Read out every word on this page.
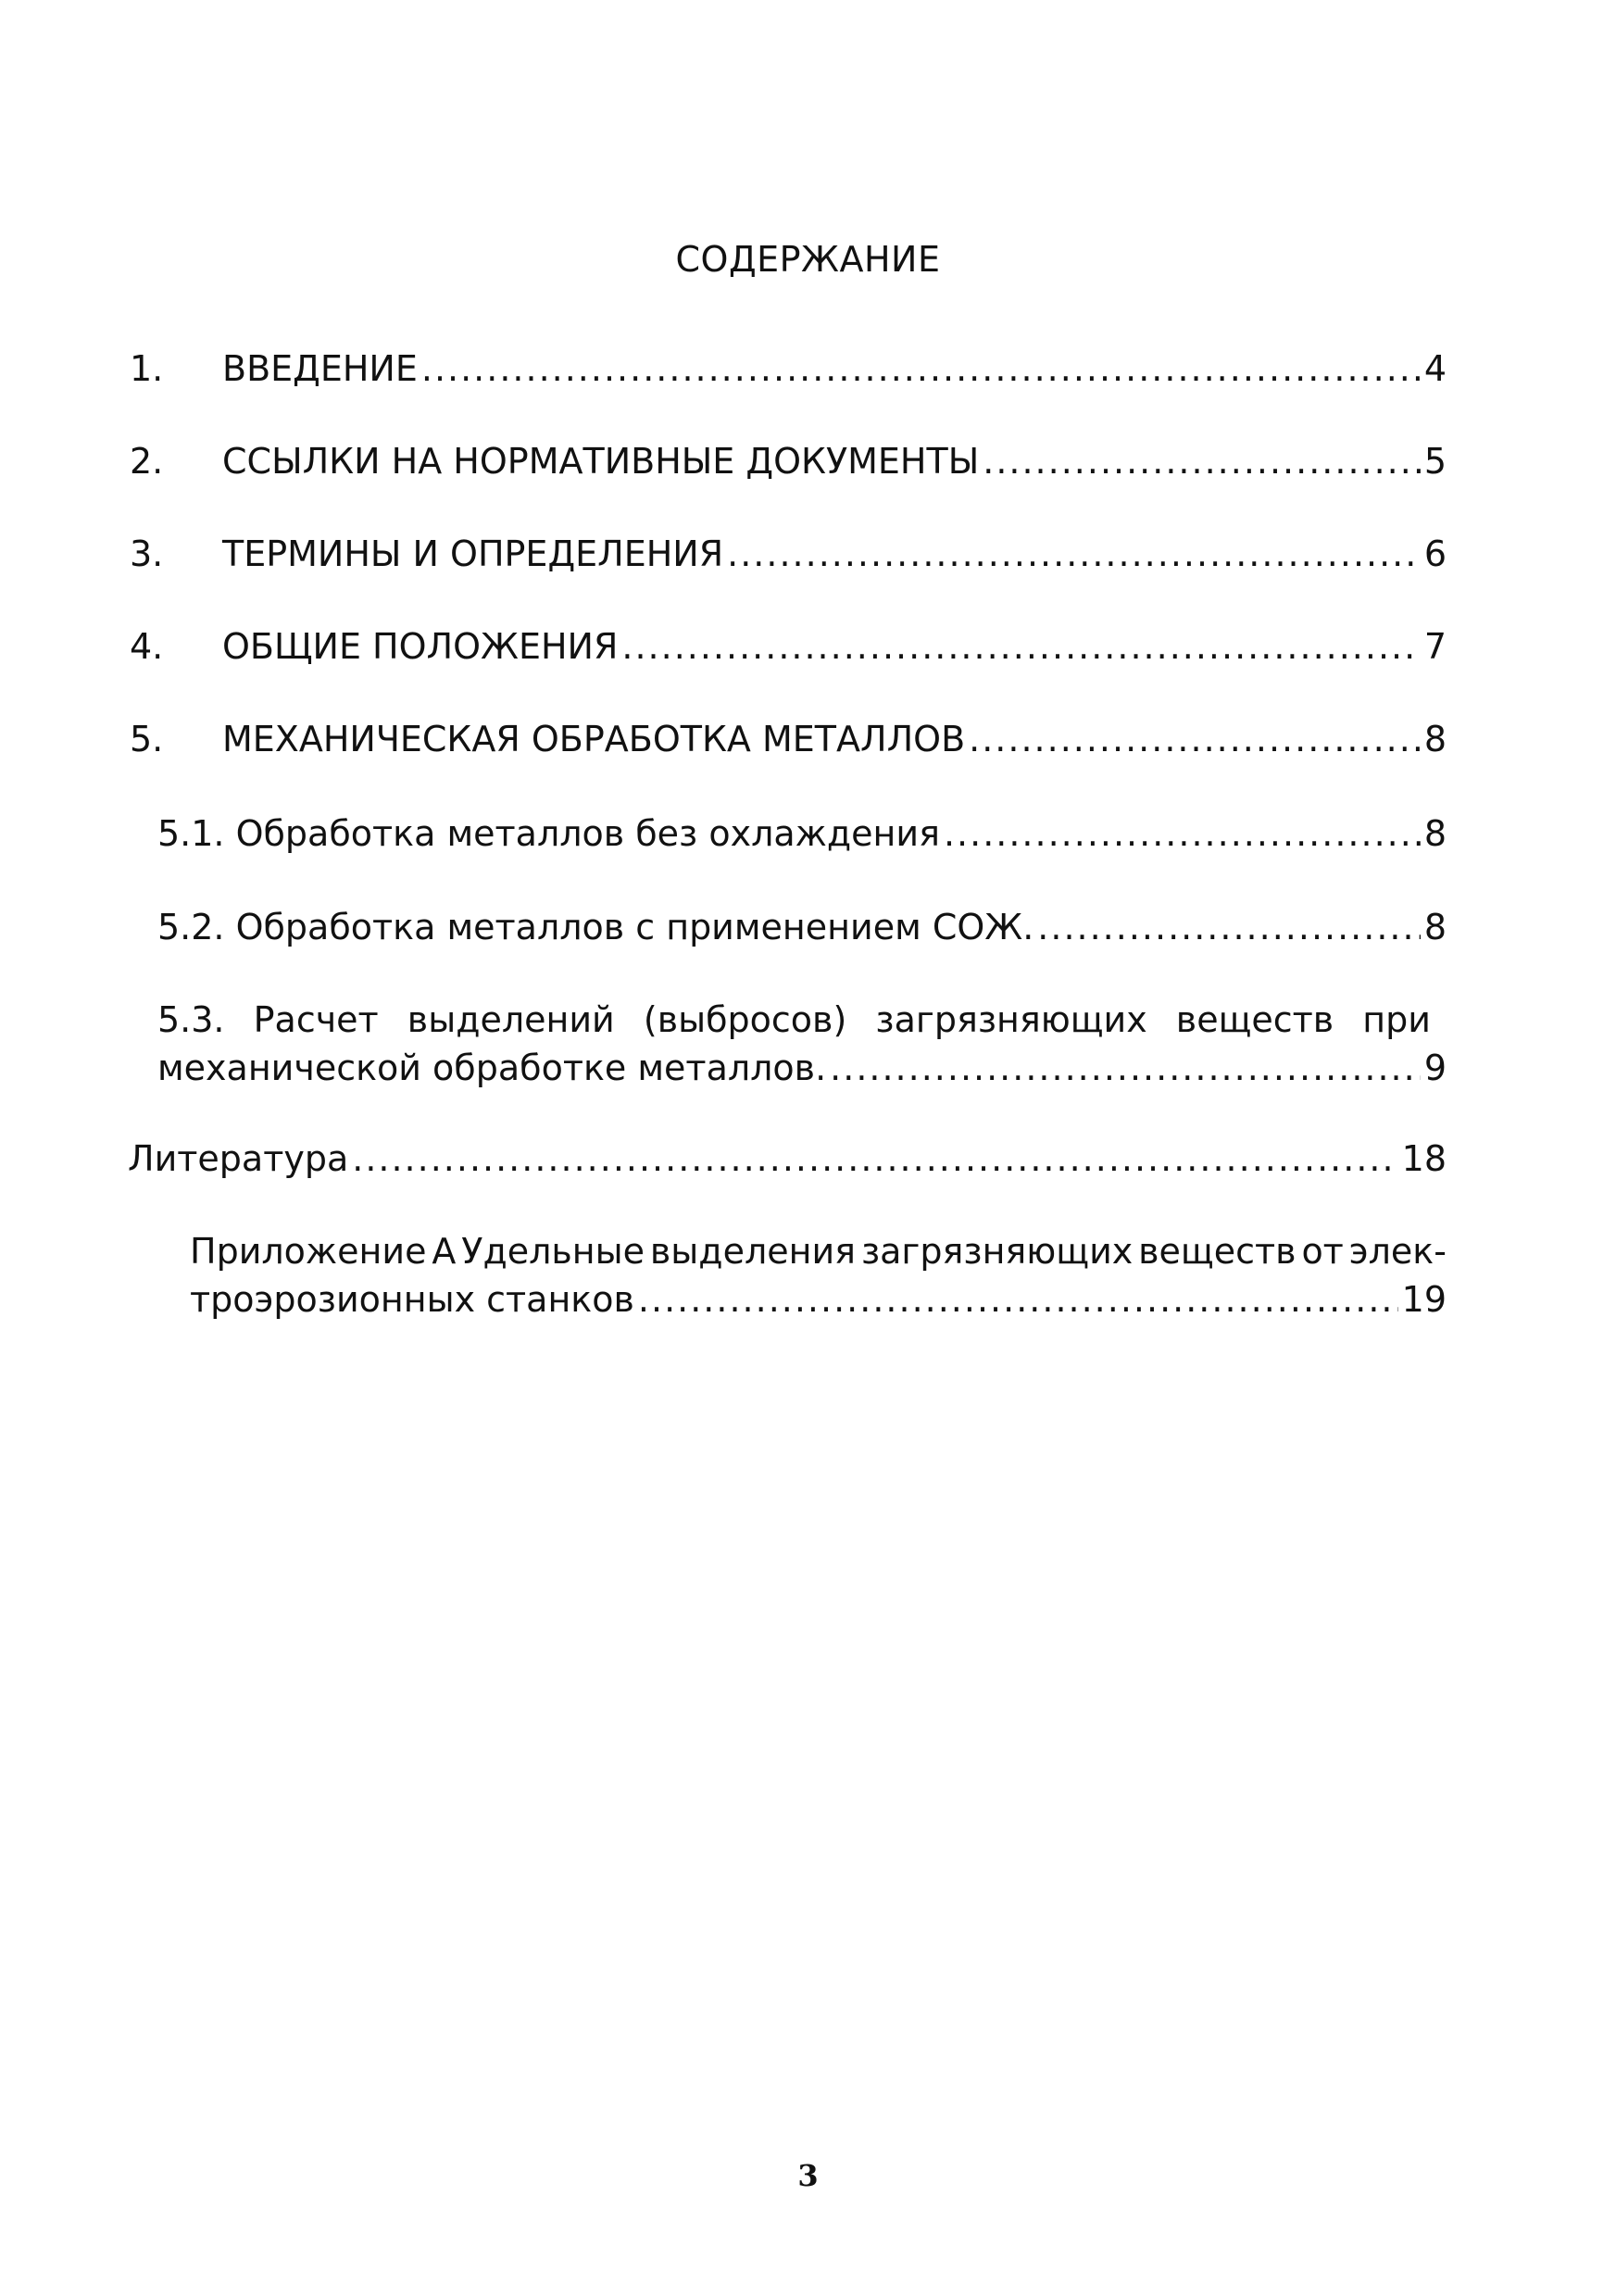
СОДЕРЖАНИЕ
1.	ВВЕДЕНИЕ .....	4
2.	ССЫЛКИ НА НОРМАТИВНЫЕ ДОКУМЕНТЫ .....	5
3.	ТЕРМИНЫ И ОПРЕДЕЛЕНИЯ .....	6
4.	ОБЩИЕ ПОЛОЖЕНИЯ .....	7
5.	МЕХАНИЧЕСКАЯ ОБРАБОТКА МЕТАЛЛОВ .....	8
5.1. Обработка металлов без охлаждения .....	8
5.2. Обработка металлов с применением СОЖ. .....	8
5.3. Расчет выделений (выбросов) загрязняющих веществ при
механической обработке металлов. .....	9
Литература .....	18
Приложение А Удельные выделения загрязняющих веществ от элек-
троэрозионных станков .....	19
3
